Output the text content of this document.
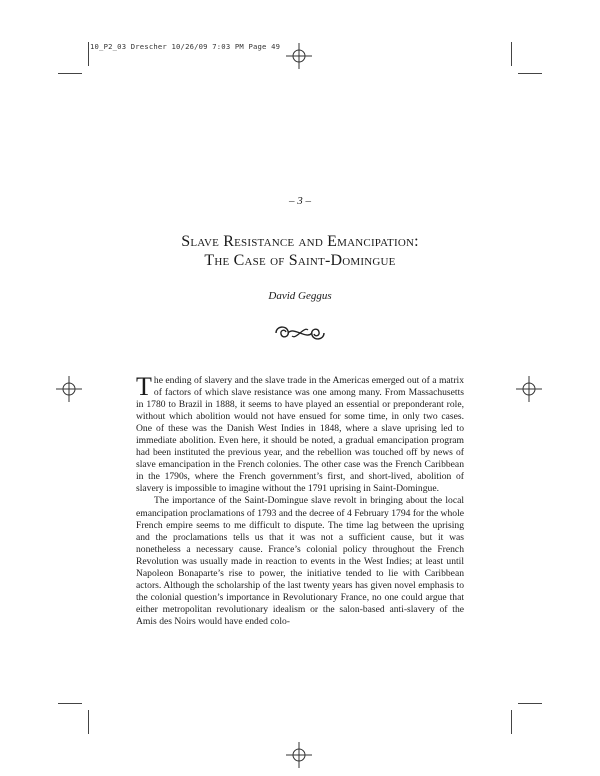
10_P2_03 Drescher 10/26/09 7:03 PM Page 49
– 3 –
Slave Resistance and Emancipation:
The Case of Saint-Domingue
David Geggus

The ending of slavery and the slave trade in the Americas emerged out of a matrix of factors of which slave resistance was one among many. From Massachusetts in 1780 to Brazil in 1888, it seems to have played an essential or preponderant role, without which abolition would not have ensued for some time, in only two cases. One of these was the Danish West Indies in 1848, where a slave uprising led to immediate abolition. Even here, it should be noted, a gradual emancipation program had been instituted the previous year, and the rebellion was touched off by news of slave emancipation in the French colonies. The other case was the French Caribbean in the 1790s, where the French government’s first, and short-lived, abolition of slavery is impossible to imagine without the 1791 uprising in Saint-Domingue.

The importance of the Saint-Domingue slave revolt in bringing about the local emancipation proclamations of 1793 and the decree of 4 February 1794 for the whole French empire seems to me difficult to dispute. The time lag between the uprising and the proclamations tells us that it was not a sufficient cause, but it was nonetheless a necessary cause. France’s colonial policy throughout the French Revolution was usually made in reaction to events in the West Indies; at least until Napoleon Bonaparte’s rise to power, the initiative tended to lie with Caribbean actors. Although the scholarship of the last twenty years has given novel emphasis to the colonial question’s importance in Revolutionary France, no one could argue that either metropolitan revolutionary idealism or the salon-based anti-slavery of the Amis des Noirs would have ended colo-
